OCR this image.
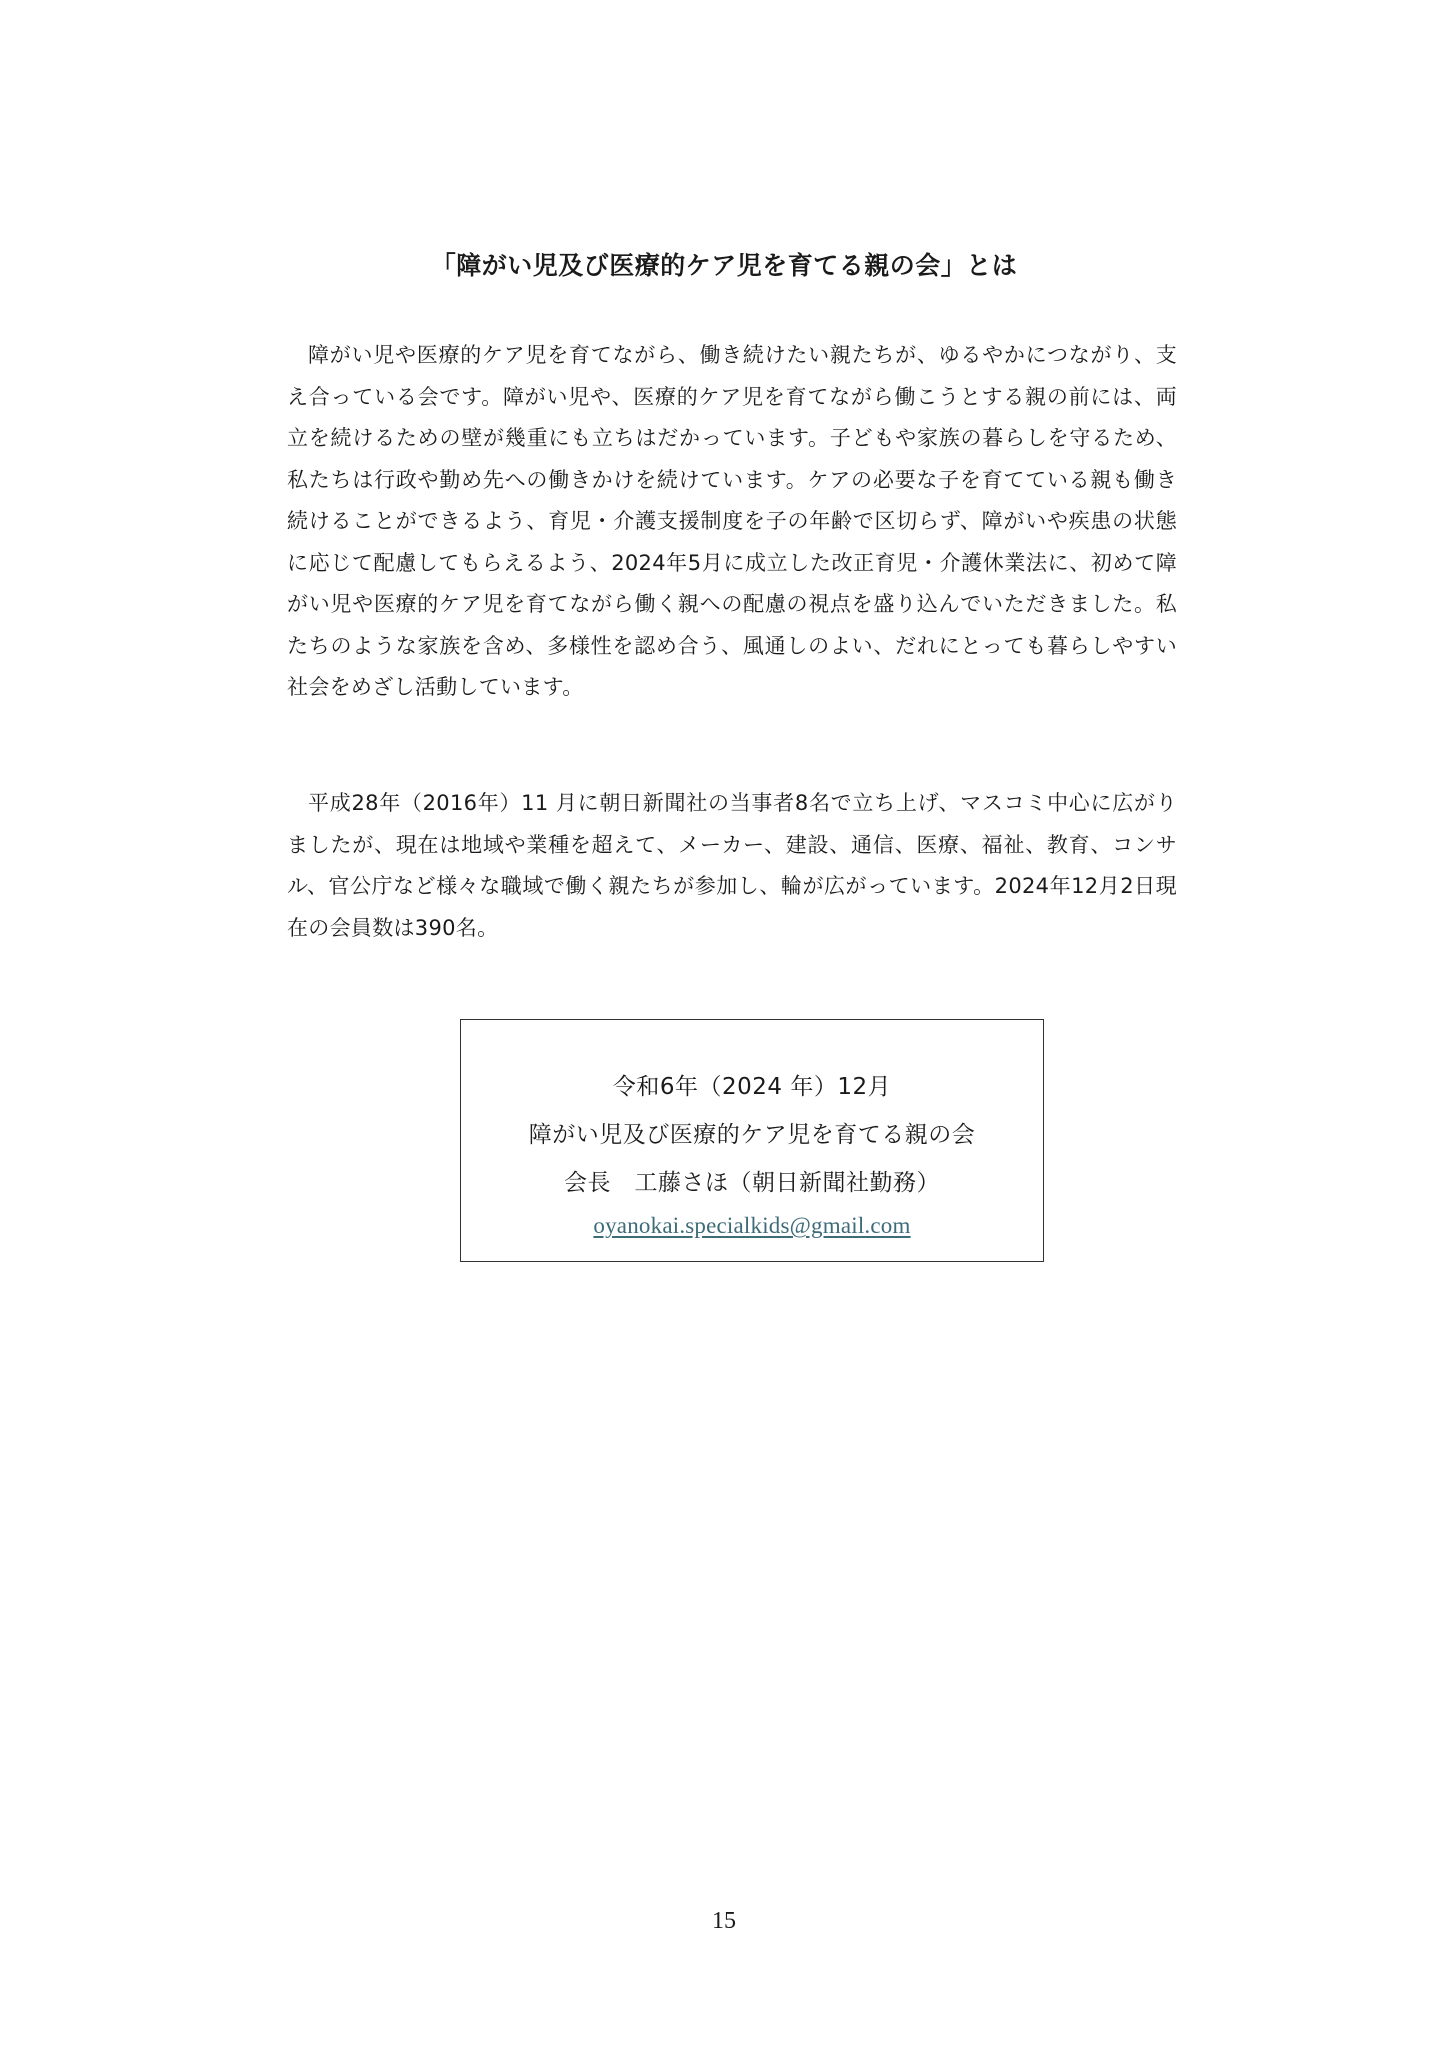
「障がい児及び医療的ケア児を育てる親の会」とは

障がい児や医療的ケア児を育てながら、働き続けたい親たちが、ゆるやかにつながり、支え合っている会です。障がい児や、医療的ケア児を育てながら働こうとする親の前には、両立を続けるための壁が幾重にも立ちはだかっています。子どもや家族の暮らしを守るため、私たちは行政や勤め先への働きかけを続けています。ケアの必要な子を育てている親も働き続けることができるよう、育児・介護支援制度を子の年齢で区切らず、障がいや疾患の状態に応じて配慮してもらえるよう、2024年5月に成立した改正育児・介護休業法に、初めて障がい児や医療的ケア児を育てながら働く親への配慮の視点を盛り込んでいただきました。私たちのような家族を含め、多様性を認め合う、風通しのよい、だれにとっても暮らしやすい社会をめざし活動しています。

平成28年（2016年）11 月に朝日新聞社の当事者8名で立ち上げ、マスコミ中心に広がりましたが、現在は地域や業種を超えて、メーカー、建設、通信、医療、福祉、教育、コンサル、官公庁など様々な職域で働く親たちが参加し、輪が広がっています。2024年12月2日現在の会員数は390名。

令和6年（2024 年）12月
障がい児及び医療的ケア児を育てる親の会
会長　工藤さほ（朝日新聞社勤務）
oyanokai.specialkids@gmail.com
15
